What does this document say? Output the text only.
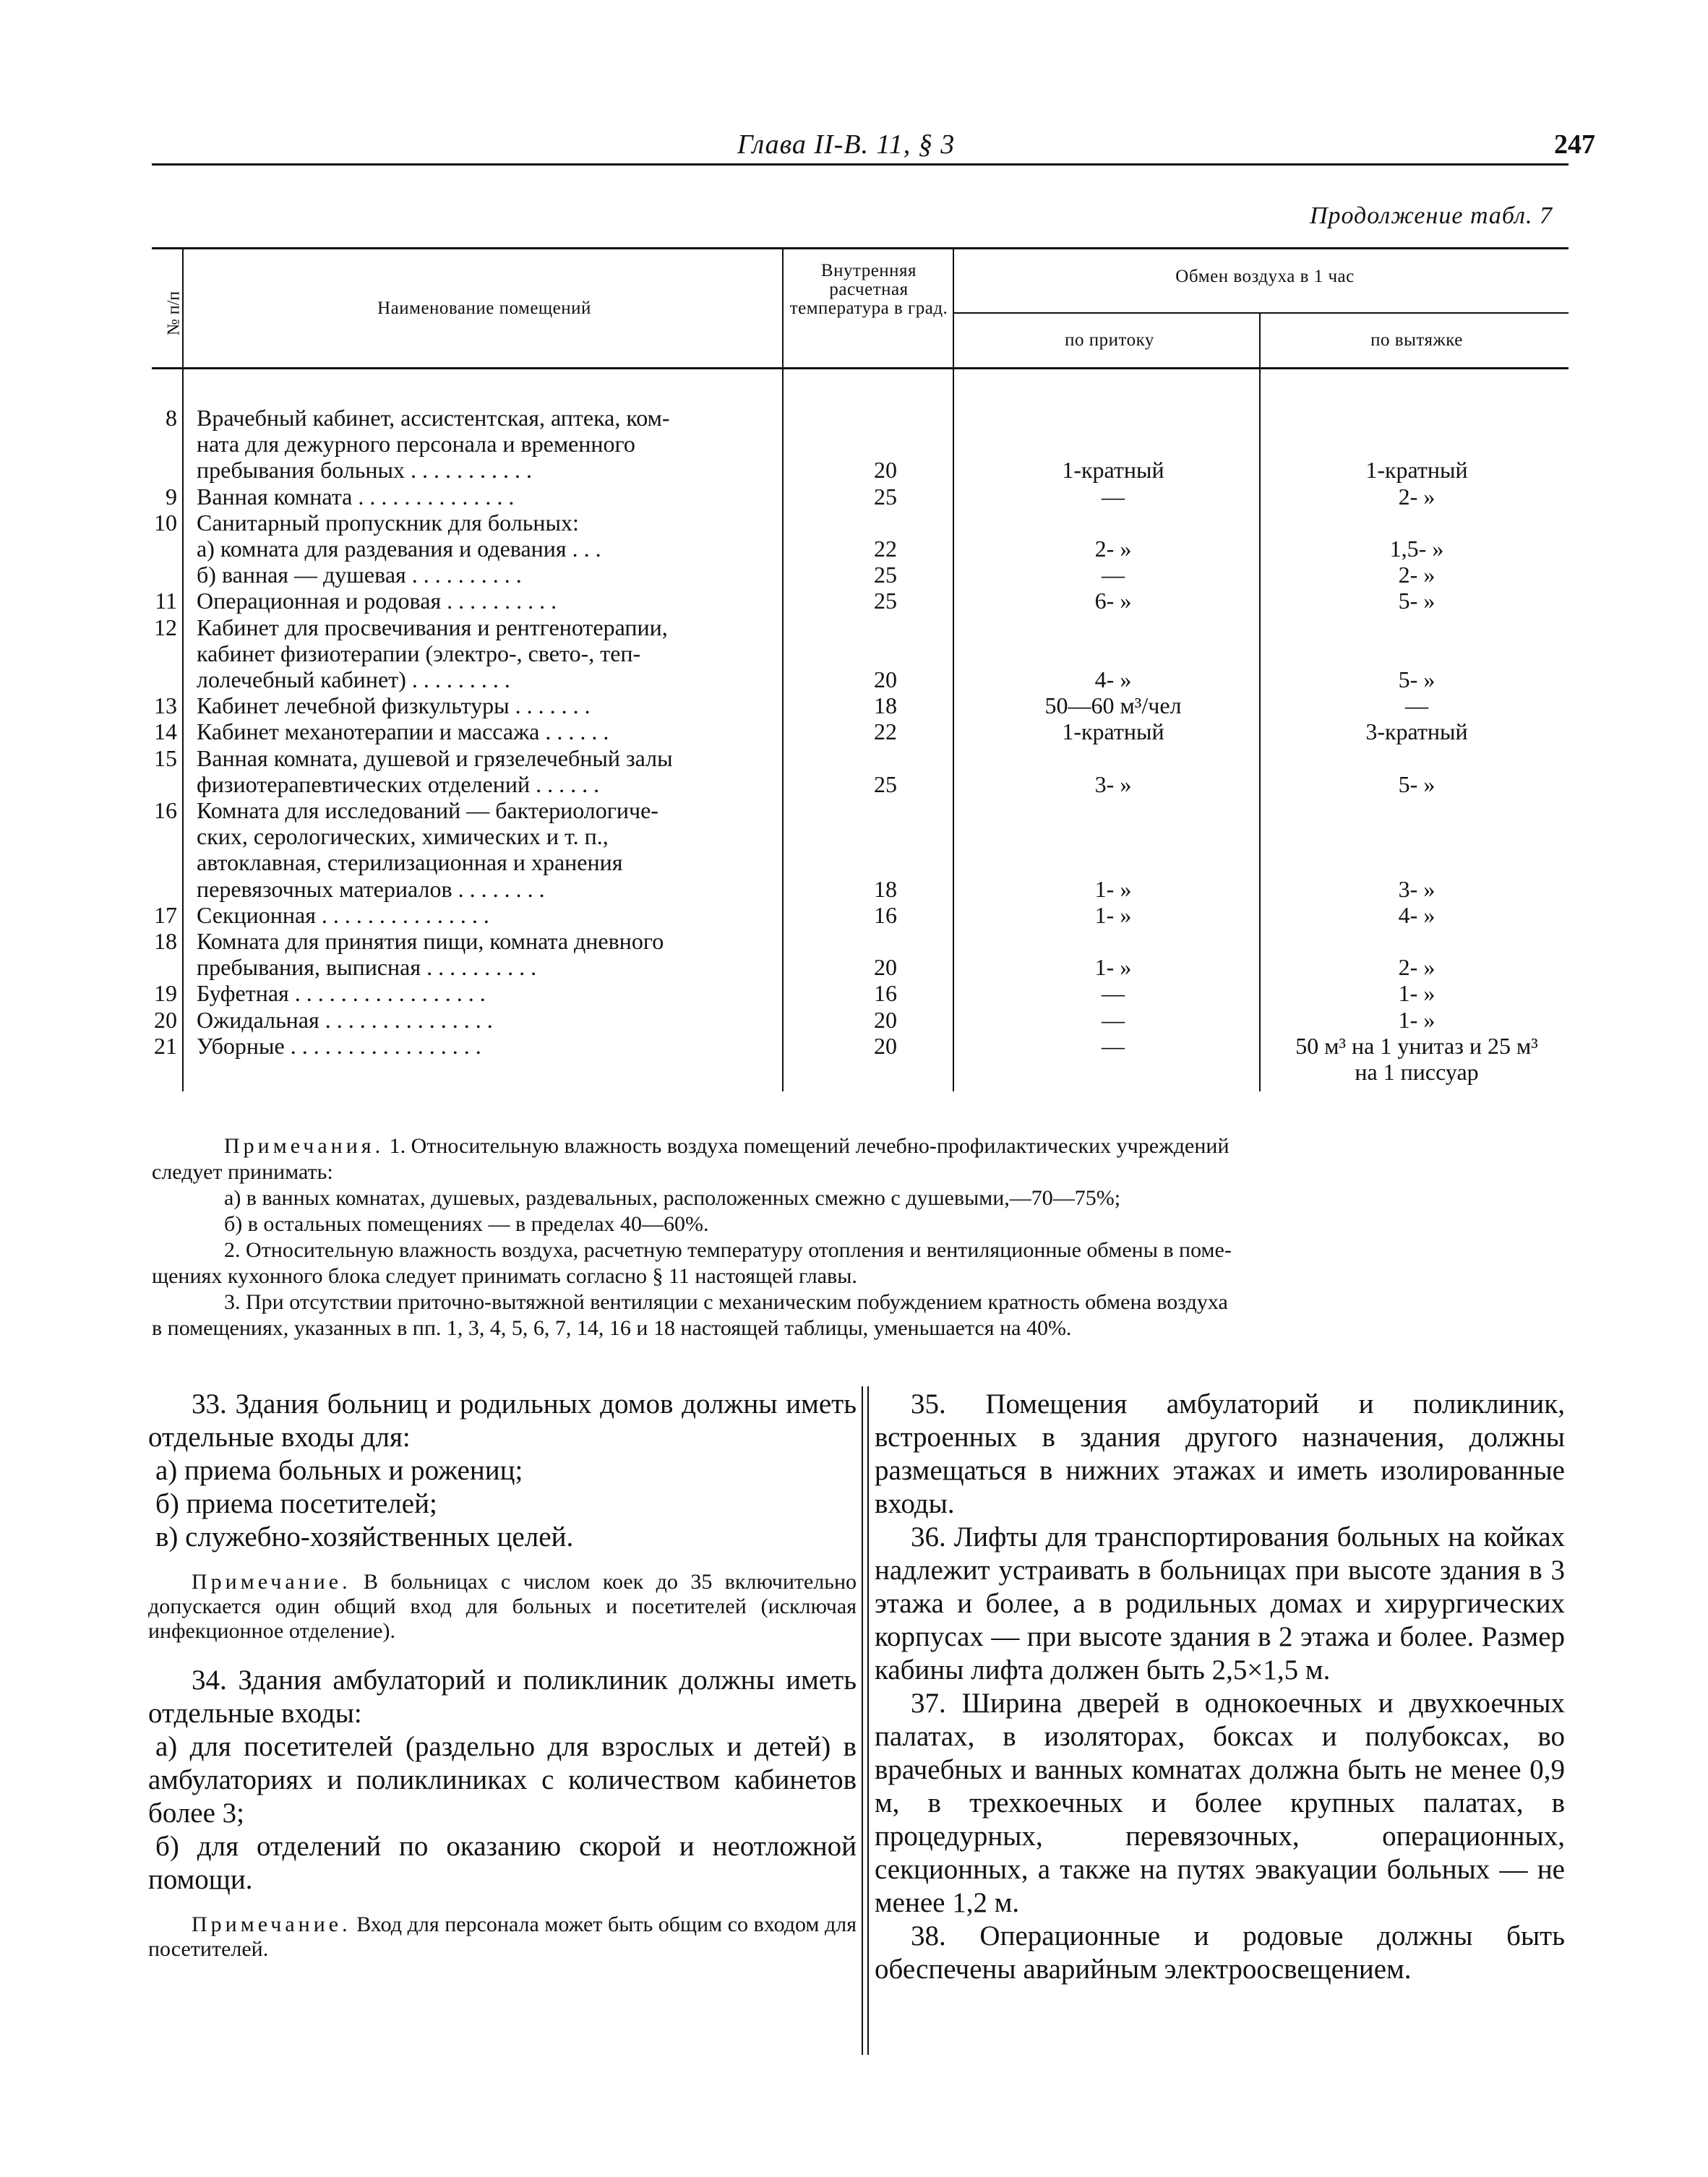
Глава II-В. 11, § 3	247
Продолжение табл. 7
№ п/п	Наименование помещений
Внутренняя расчетная температура в град.
Обмен воздуха в 1 час
по притоку	по вытяжке
8 Врачебный кабинет, ассистентская, аптека, ком-
ната для дежурного персонала и временного
пребывания больных . . . . . . . . . . .	20	1-кратный	1-кратный
9 Ванная комната . . . . . . . . . . . . . .	25	—	2- »
10 Санитарный пропускник для больных:
а) комната для раздевания и одевания . . .	22	2- »	1,5- »
б) ванная — душевая . . . . . . . . . .	25	—	2- »
11 Операционная и родовая . . . . . . . . . .	25	6- »	5- »
12 Кабинет для просвечивания и рентгенотерапии,
кабинет физиотерапии (электро-, свето-, теп-
лолечебный кабинет) . . . . . . . . .	20	4- »	5- »
13 Кабинет лечебной физкультуры . . . . . . .	18	50—60 м³/чел	—
14 Кабинет механотерапии и массажа . . . . . .	22	1-кратный	3-кратный
15 Ванная комната, душевой и грязелечебный залы
физиотерапевтических отделений . . . . . .	25	3- »	5- »
16 Комната для исследований — бактериологиче-
ских, серологических, химических и т. п.,
автоклавная, стерилизационная и хранения
перевязочных материалов . . . . . . . .	18	1- »	3- »
17 Секционная . . . . . . . . . . . . . . .	16	1- »	4- »
18 Комната для принятия пищи, комната дневного
пребывания, выписная . . . . . . . . . .	20	1- »	2- »
19 Буфетная . . . . . . . . . . . . . . . . .	16	—	1- »
20 Ожидальная . . . . . . . . . . . . . . .	20	—	1- »
21 Уборные . . . . . . . . . . . . . . . . .	20	—	50 м³ на 1 унитаз и 25 м³
на 1 писсуар

Примечания. 1. Относительную влажность воздуха помещений лечебно-профилактических учреждений

следует принимать:

а) в ванных комнатах, душевых, раздевальных, расположенных смежно с душевыми,—70—75%;

б) в остальных помещениях — в пределах 40—60%.

2. Относительную влажность воздуха, расчетную температуру отопления и вентиляционные обмены в поме-

щениях кухонного блока следует принимать согласно § 11 настоящей главы.

3. При отсутствии приточно-вытяжной вентиляции с механическим побуждением кратность обмена воздуха

в помещениях, указанных в пп. 1, 3, 4, 5, 6, 7, 14, 16 и 18 настоящей таблицы, уменьшается на 40%.

33. Здания больниц и родильных домов должны иметь отдельные входы для:

а) приема больных и рожениц;

б) приема посетителей;

в) служебно-хозяйственных целей.

Примечание. В больницах с числом коек до 35 включительно допускается один общий вход для больных и посетителей (исключая инфекционное отделение).

34. Здания амбулаторий и поликлиник должны иметь отдельные входы:

а) для посетителей (раздельно для взрослых и детей) в амбулаториях и поликлиниках с количеством кабинетов более 3;

б) для отделений по оказанию скорой и неотложной помощи.

Примечание. Вход для персонала может быть общим со входом для посетителей.

35. Помещения амбулаторий и поликлиник, встроенных в здания другого назначения, должны размещаться в нижних этажах и иметь изолированные входы.

36. Лифты для транспортирования больных на койках надлежит устраивать в больницах при высоте здания в 3 этажа и более, а в родильных домах и хирургических корпусах — при высоте здания в 2 этажа и более. Размер кабины лифта должен быть 2,5×1,5 м.

37. Ширина дверей в однокоечных и двухкоечных палатах, в изоляторах, боксах и полубоксах, во врачебных и ванных комнатах должна быть не менее 0,9 м, в трехкоечных и более крупных палатах, в процедурных, перевязочных, операционных, секционных, а также на путях эвакуации больных — не менее 1,2 м.

38. Операционные и родовые должны быть обеспечены аварийным электроосвещением.
